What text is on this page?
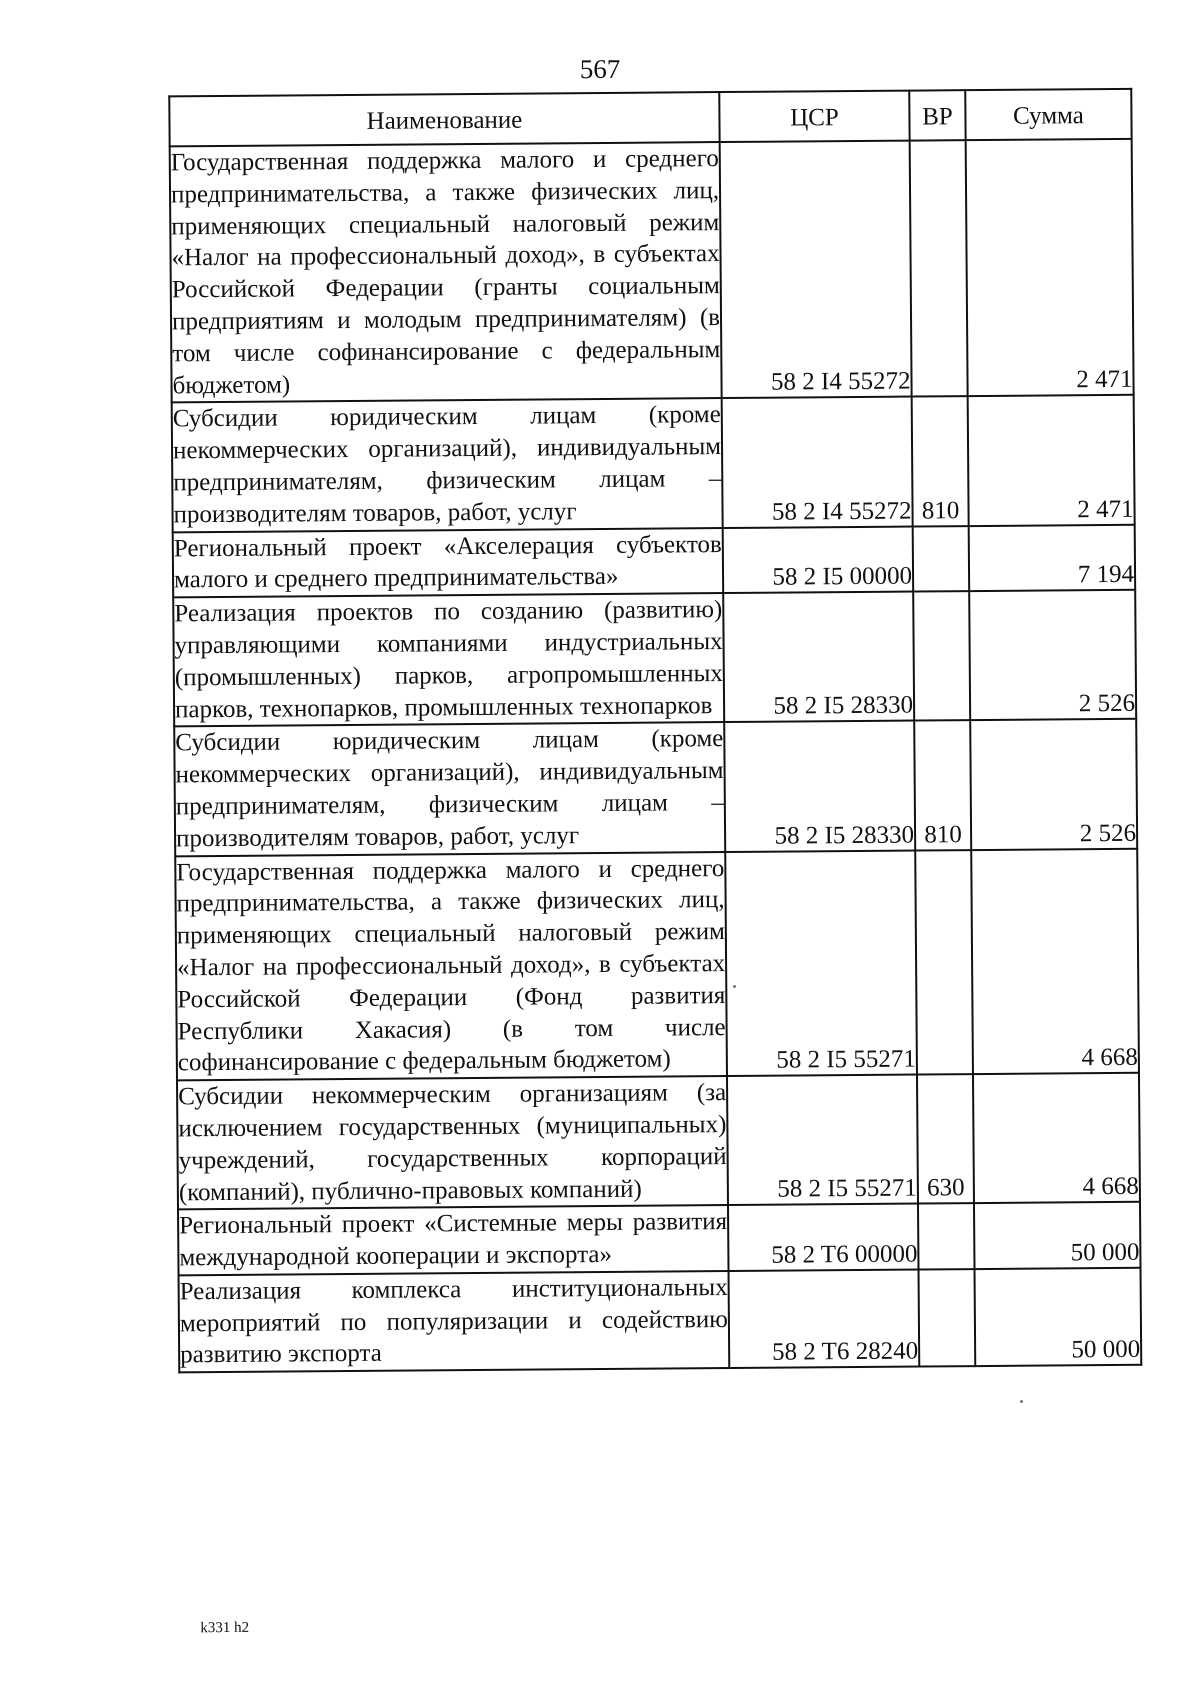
567
Наименование	ЦСР	ВР	Сумма
Государственная поддержка малого и среднего предпринимательства, а также физических лиц, применяющих специальный налоговый режим «Налог на профессиональный доход», в субъектах Российской Федерации (гранты социальным предприятиям и молодым предпринимателям) (в том числе софинансирование с федеральным бюджетом)	58 2 I4 55272		2 471
Субсидии юридическим лицам (кроме некоммерческих организаций), индивидуальным предпринимателям, физическим лицам – производителям товаров, работ, услуг	58 2 I4 55272	810	2 471
Региональный проект «Акселерация субъектов малого и среднего предпринимательства»	58 2 I5 00000		7 194
Реализация проектов по созданию (развитию) управляющими компаниями индустриальных (промышленных) парков, агропромышленных парков, технопарков, промышленных технопарков	58 2 I5 28330		2 526
Субсидии юридическим лицам (кроме некоммерческих организаций), индивидуальным предпринимателям, физическим лицам – производителям товаров, работ, услуг	58 2 I5 28330	810	2 526
Государственная поддержка малого и среднего предпринимательства, а также физических лиц, применяющих специальный налоговый режим «Налог на профессиональный доход», в субъектах Российской Федерации (Фонд развития Республики Хакасия) (в том числе софинансирование с федеральным бюджетом)	58 2 I5 55271		4 668
Субсидии некоммерческим организациям (за исключением государственных (муниципальных) учреждений, государственных корпораций (компаний), публично-правовых компаний)	58 2 I5 55271	630	4 668
Региональный проект «Системные меры развития международной кооперации и экспорта»	58 2 T6 00000		50 000
Реализация комплекса институциональных мероприятий по популяризации и содействию развитию экспорта	58 2 T6 28240		50 000
k331 h2
